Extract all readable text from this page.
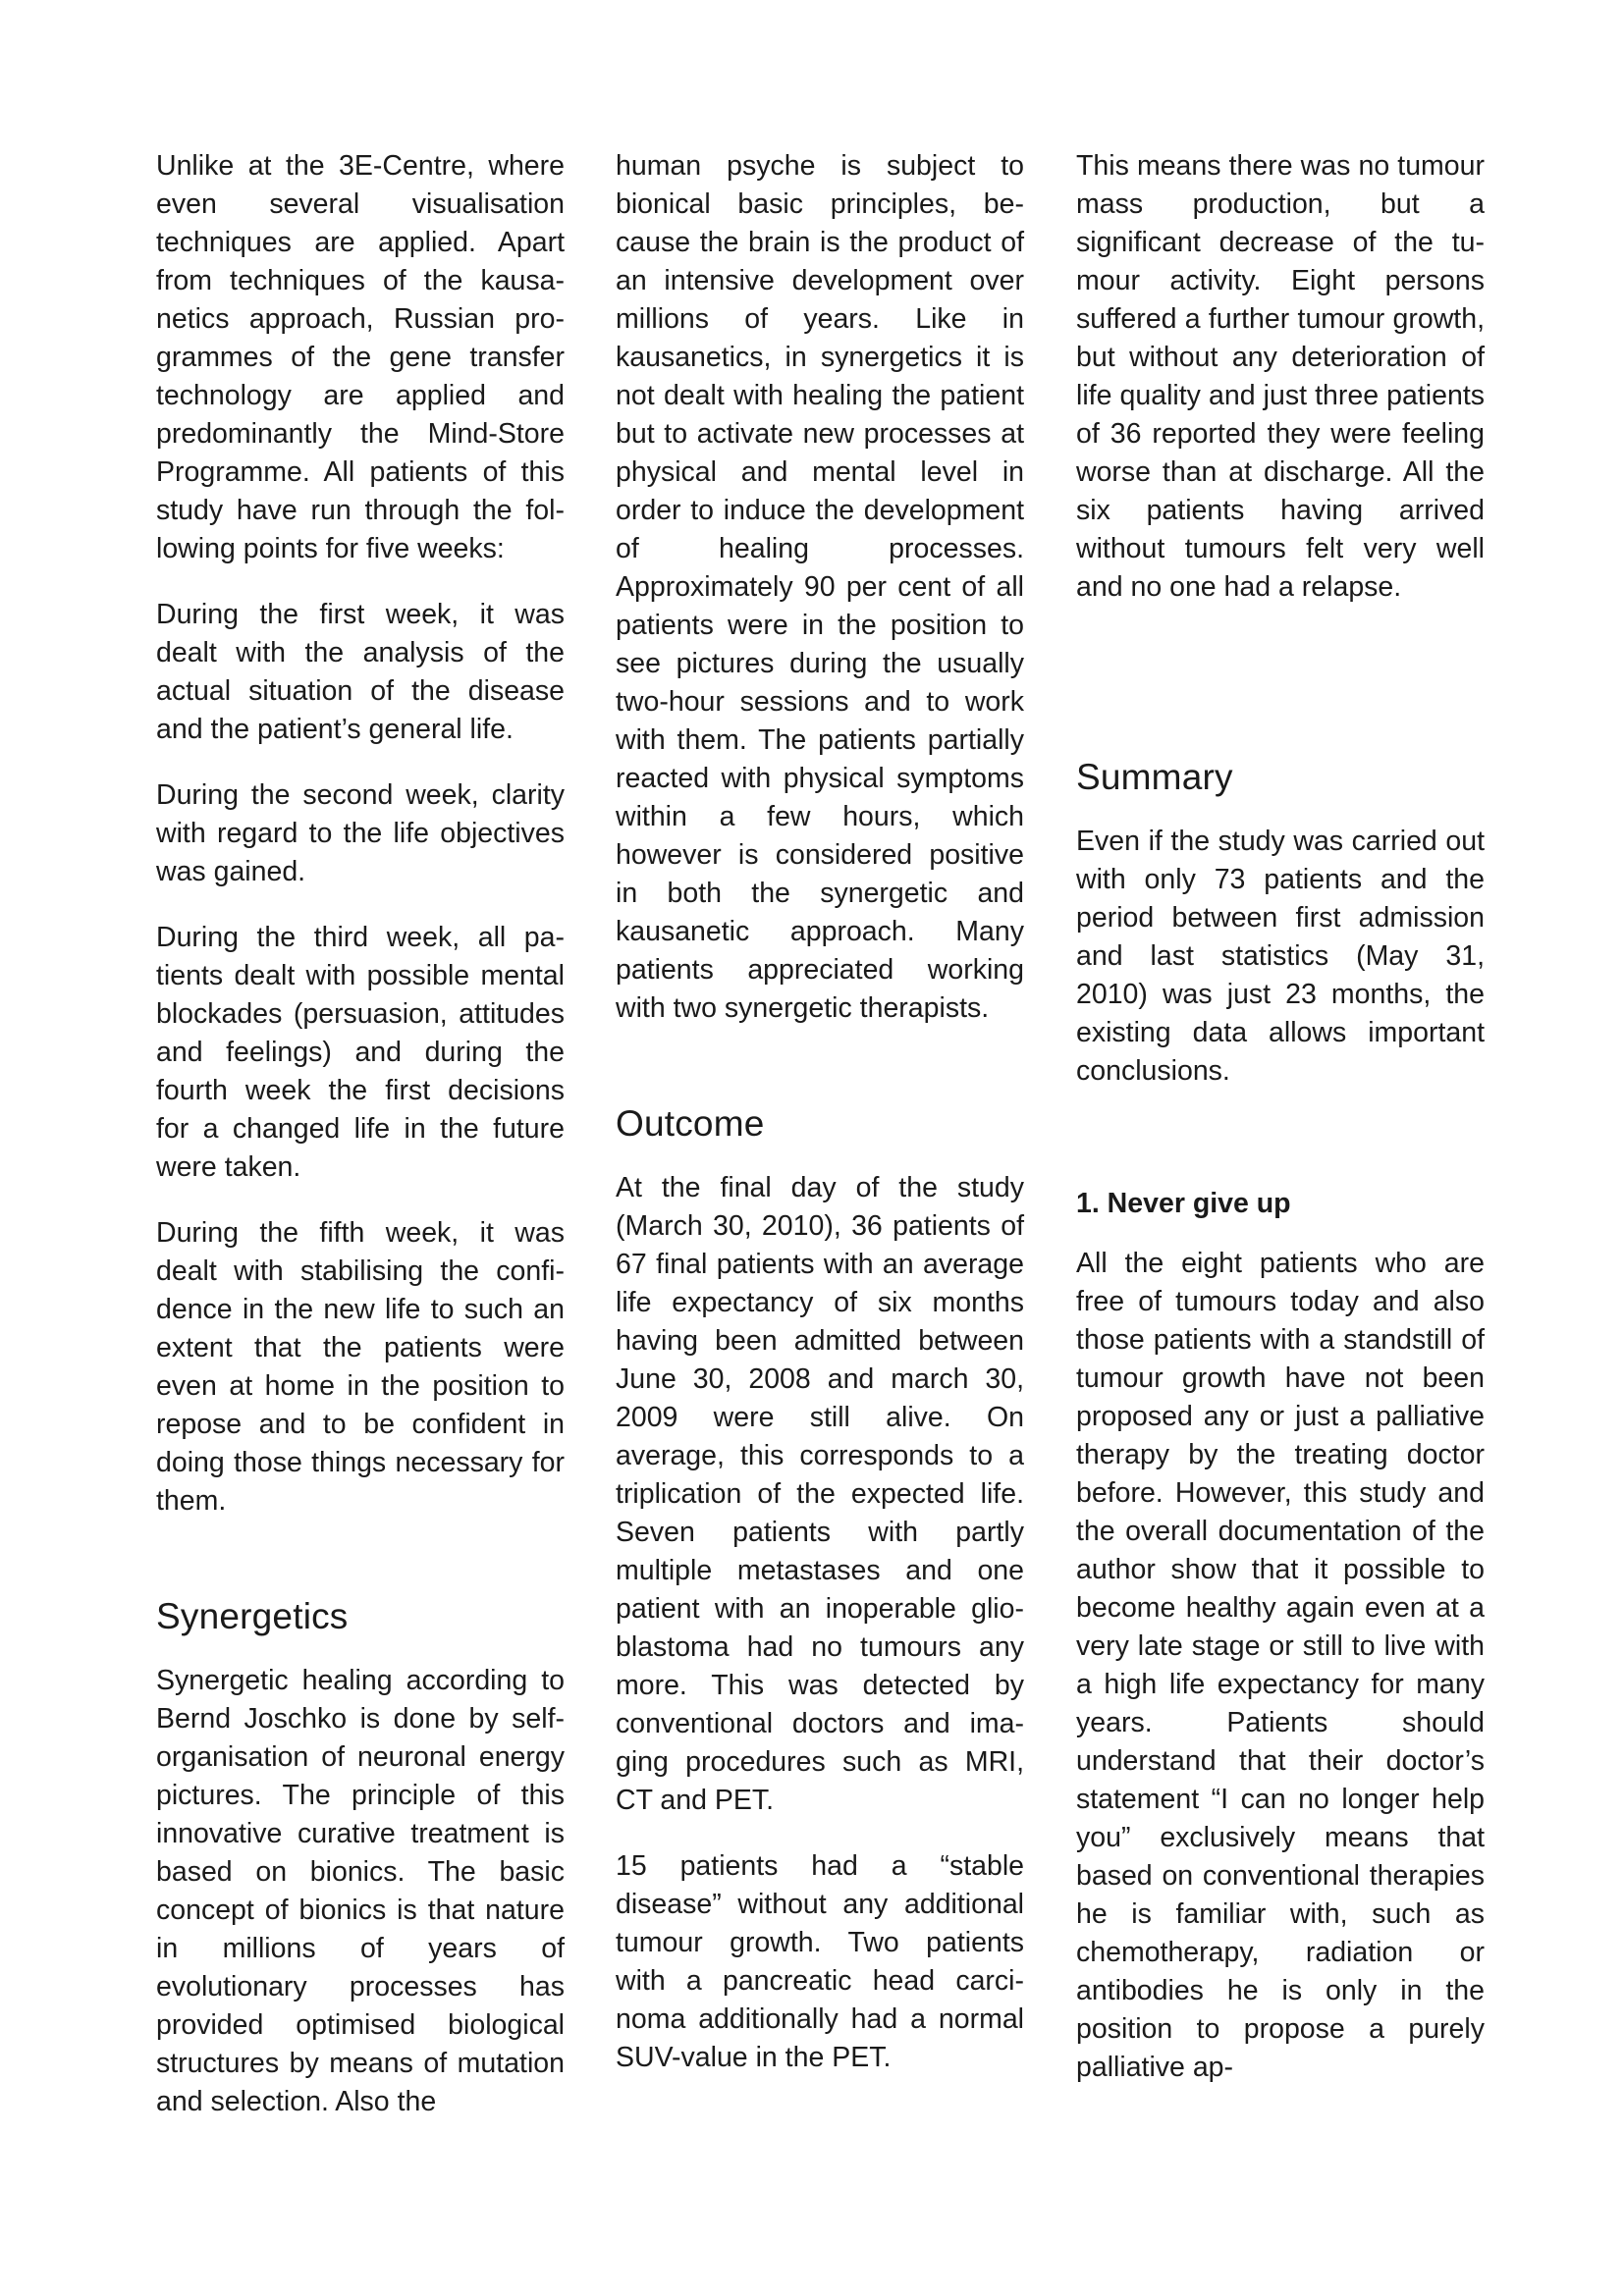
Unlike at the 3E-Centre, where even several visualisation techniques are applied. Apart from techniques of the kausanetics approach, Russian programmes of the gene transfer technology are applied and predominantly the Mind-Store Programme. All patients of this study have run through the following points for five weeks:

During the first week, it was dealt with the analysis of the actual situation of the disease and the patient’s general life.

During the second week, clarity with regard to the life objectives was gained.

During the third week, all patients dealt with possible mental blockades (persuasion, attitudes and feelings) and during the fourth week the first decisions for a changed life in the future were taken.

During the fifth week, it was dealt with stabilising the confidence in the new life to such an extent that the patients were even at home in the position to repose and to be confident in doing those things necessary for them.

Synergetics

Synergetic healing according to Bernd Joschko is done by self-organisation of neuronal energy pictures. The principle of this innovative curative treatment is based on bionics. The basic concept of bionics is that nature in millions of years of evolutionary processes has provided optimised biological structures by means of mutation and selection. Also the

human psyche is subject to bionical basic principles, because the brain is the product of an intensive development over millions of years. Like in kausanetics, in synergetics it is not dealt with healing the patient but to activate new processes at physical and mental level in order to induce the development of healing processes. Approximately 90 per cent of all patients were in the position to see pictures during the usually two-hour sessions and to work with them. The patients partially reacted with physical symptoms within a few hours, which however is considered positive in both the synergetic and kausanetic approach. Many patients appreciated working with two synergetic therapists.

Outcome

At the final day of the study (March 30, 2010), 36 patients of 67 final patients with an average life expectancy of six months having been admitted between June 30, 2008 and march 30, 2009 were still alive. On average, this corresponds to a triplication of the expected life. Seven patients with partly multiple metastases and one patient with an inoperable glioblastoma had no tumours any more. This was detected by conventional doctors and imaging procedures such as MRI, CT and PET.

15 patients had a “stable disease” without any additional tumour growth. Two patients with a pancreatic head carcinoma additionally had a normal SUV-value in the PET.

This means there was no tumour mass production, but a significant decrease of the tumour activity. Eight persons suffered a further tumour growth, but without any deterioration of life quality and just three patients of 36 reported they were feeling worse than at discharge. All the six patients having arrived without tumours felt very well and no one had a relapse.

Summary

Even if the study was carried out with only 73 patients and the period between first admission and last statistics (May 31, 2010) was just 23 months, the existing data allows important conclusions.

1. Never give up

All the eight patients who are free of tumours today and also those patients with a standstill of tumour growth have not been proposed any or just a palliative therapy by the treating doctor before. However, this study and the overall documentation of the author show that it possible to become healthy again even at a very late stage or still to live with a high life expectancy for many years. Patients should understand that their doctor’s statement “I can no longer help you” exclusively means that based on conventional therapies he is familiar with, such as chemotherapy, radiation or antibodies he is only in the position to propose a purely palliative ap-
